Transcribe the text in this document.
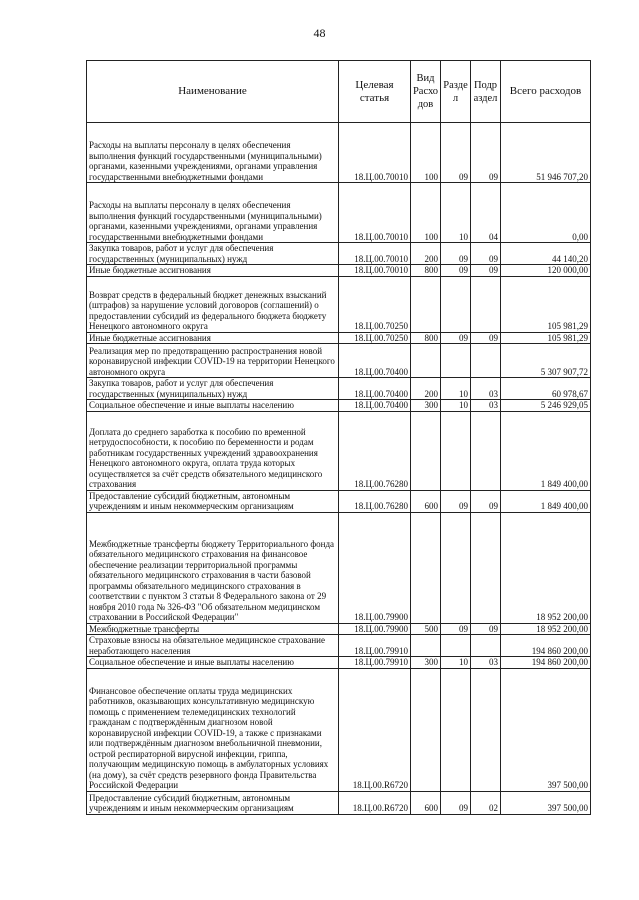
48
Наименование	Целевая статья	Вид Расхо дов	Разде л	Подр аздел	Всего расходов
Расходы на выплаты персоналу в целях обеспечения выполнения функций государственными (муниципальными) органами, казенными учреждениями, органами управления государственными внебюджетными фондами	18.Ц.00.70010	100	09	09	51 946 707,20
Расходы на выплаты персоналу в целях обеспечения выполнения функций государственными (муниципальными) органами, казенными учреждениями, органами управления государственными внебюджетными фондами	18.Ц.00.70010	100	10	04	0,00
Закупка товаров, работ и услуг для обеспечения государственных (муниципальных) нужд	18.Ц.00.70010	200	09	09	44 140,20
Иные бюджетные ассигнования	18.Ц.00.70010	800	09	09	120 000,00
Возврат средств в федеральный бюджет денежных взысканий (штрафов) за нарушение условий договоров (соглашений) о предоставлении субсидий из федерального бюджета бюджету Ненецкого автономного округа	18.Ц.00.70250				105 981,29
Иные бюджетные ассигнования	18.Ц.00.70250	800	09	09	105 981,29
Реализация мер по предотвращению распространения новой коронавирусной инфекции COVID-19 на территории Ненецкого автономного округа	18.Ц.00.70400				5 307 907,72
Закупка товаров, работ и услуг для обеспечения государственных (муниципальных) нужд	18.Ц.00.70400	200	10	03	60 978,67
Социальное обеспечение и иные выплаты населению	18.Ц.00.70400	300	10	03	5 246 929,05
Доплата до среднего заработка к пособию по временной нетрудоспособности, к пособию по беременности и родам работникам государственных учреждений здравоохранения Ненецкого автономного округа, оплата труда которых осуществляется за счёт средств обязательного медицинского страхования	18.Ц.00.76280				1 849 400,00
Предоставление субсидий бюджетным, автономным учреждениям и иным некоммерческим организациям	18.Ц.00.76280	600	09	09	1 849 400,00
Межбюджетные трансферты бюджету Территориального фонда обязательного медицинского страхования на финансовое обеспечение реализации территориальной программы обязательного медицинского страхования в части базовой программы обязательного медицинского страхования в соответствии с пунктом 3 статьи 8 Федерального закона от 29 ноября 2010 года № 326-ФЗ "Об обязательном медицинском страховании в Российской Федерации"	18.Ц.00.79900				18 952 200,00
Межбюджетные трансферты	18.Ц.00.79900	500	09	09	18 952 200,00
Страховые взносы на обязательное медицинское страхование неработающего населения	18.Ц.00.79910				194 860 200,00
Социальное обеспечение и иные выплаты населению	18.Ц.00.79910	300	10	03	194 860 200,00
Финансовое обеспечение оплаты труда медицинских работников, оказывающих консультативную медицинскую помощь с применением телемедицинских технологий гражданам с подтверждённым диагнозом новой коронавирусной инфекции COVID-19, а также с признаками или подтверждённым диагнозом внебольничной пневмонии, острой респираторной вирусной инфекции, гриппа, получающим медицинскую помощь в амбулаторных условиях (на дому), за счёт средств резервного фонда Правительства Российской Федерации	18.Ц.00.R6720				397 500,00
Предоставление субсидий бюджетным, автономным учреждениям и иным некоммерческим организациям	18.Ц.00.R6720	600	09	02	397 500,00
